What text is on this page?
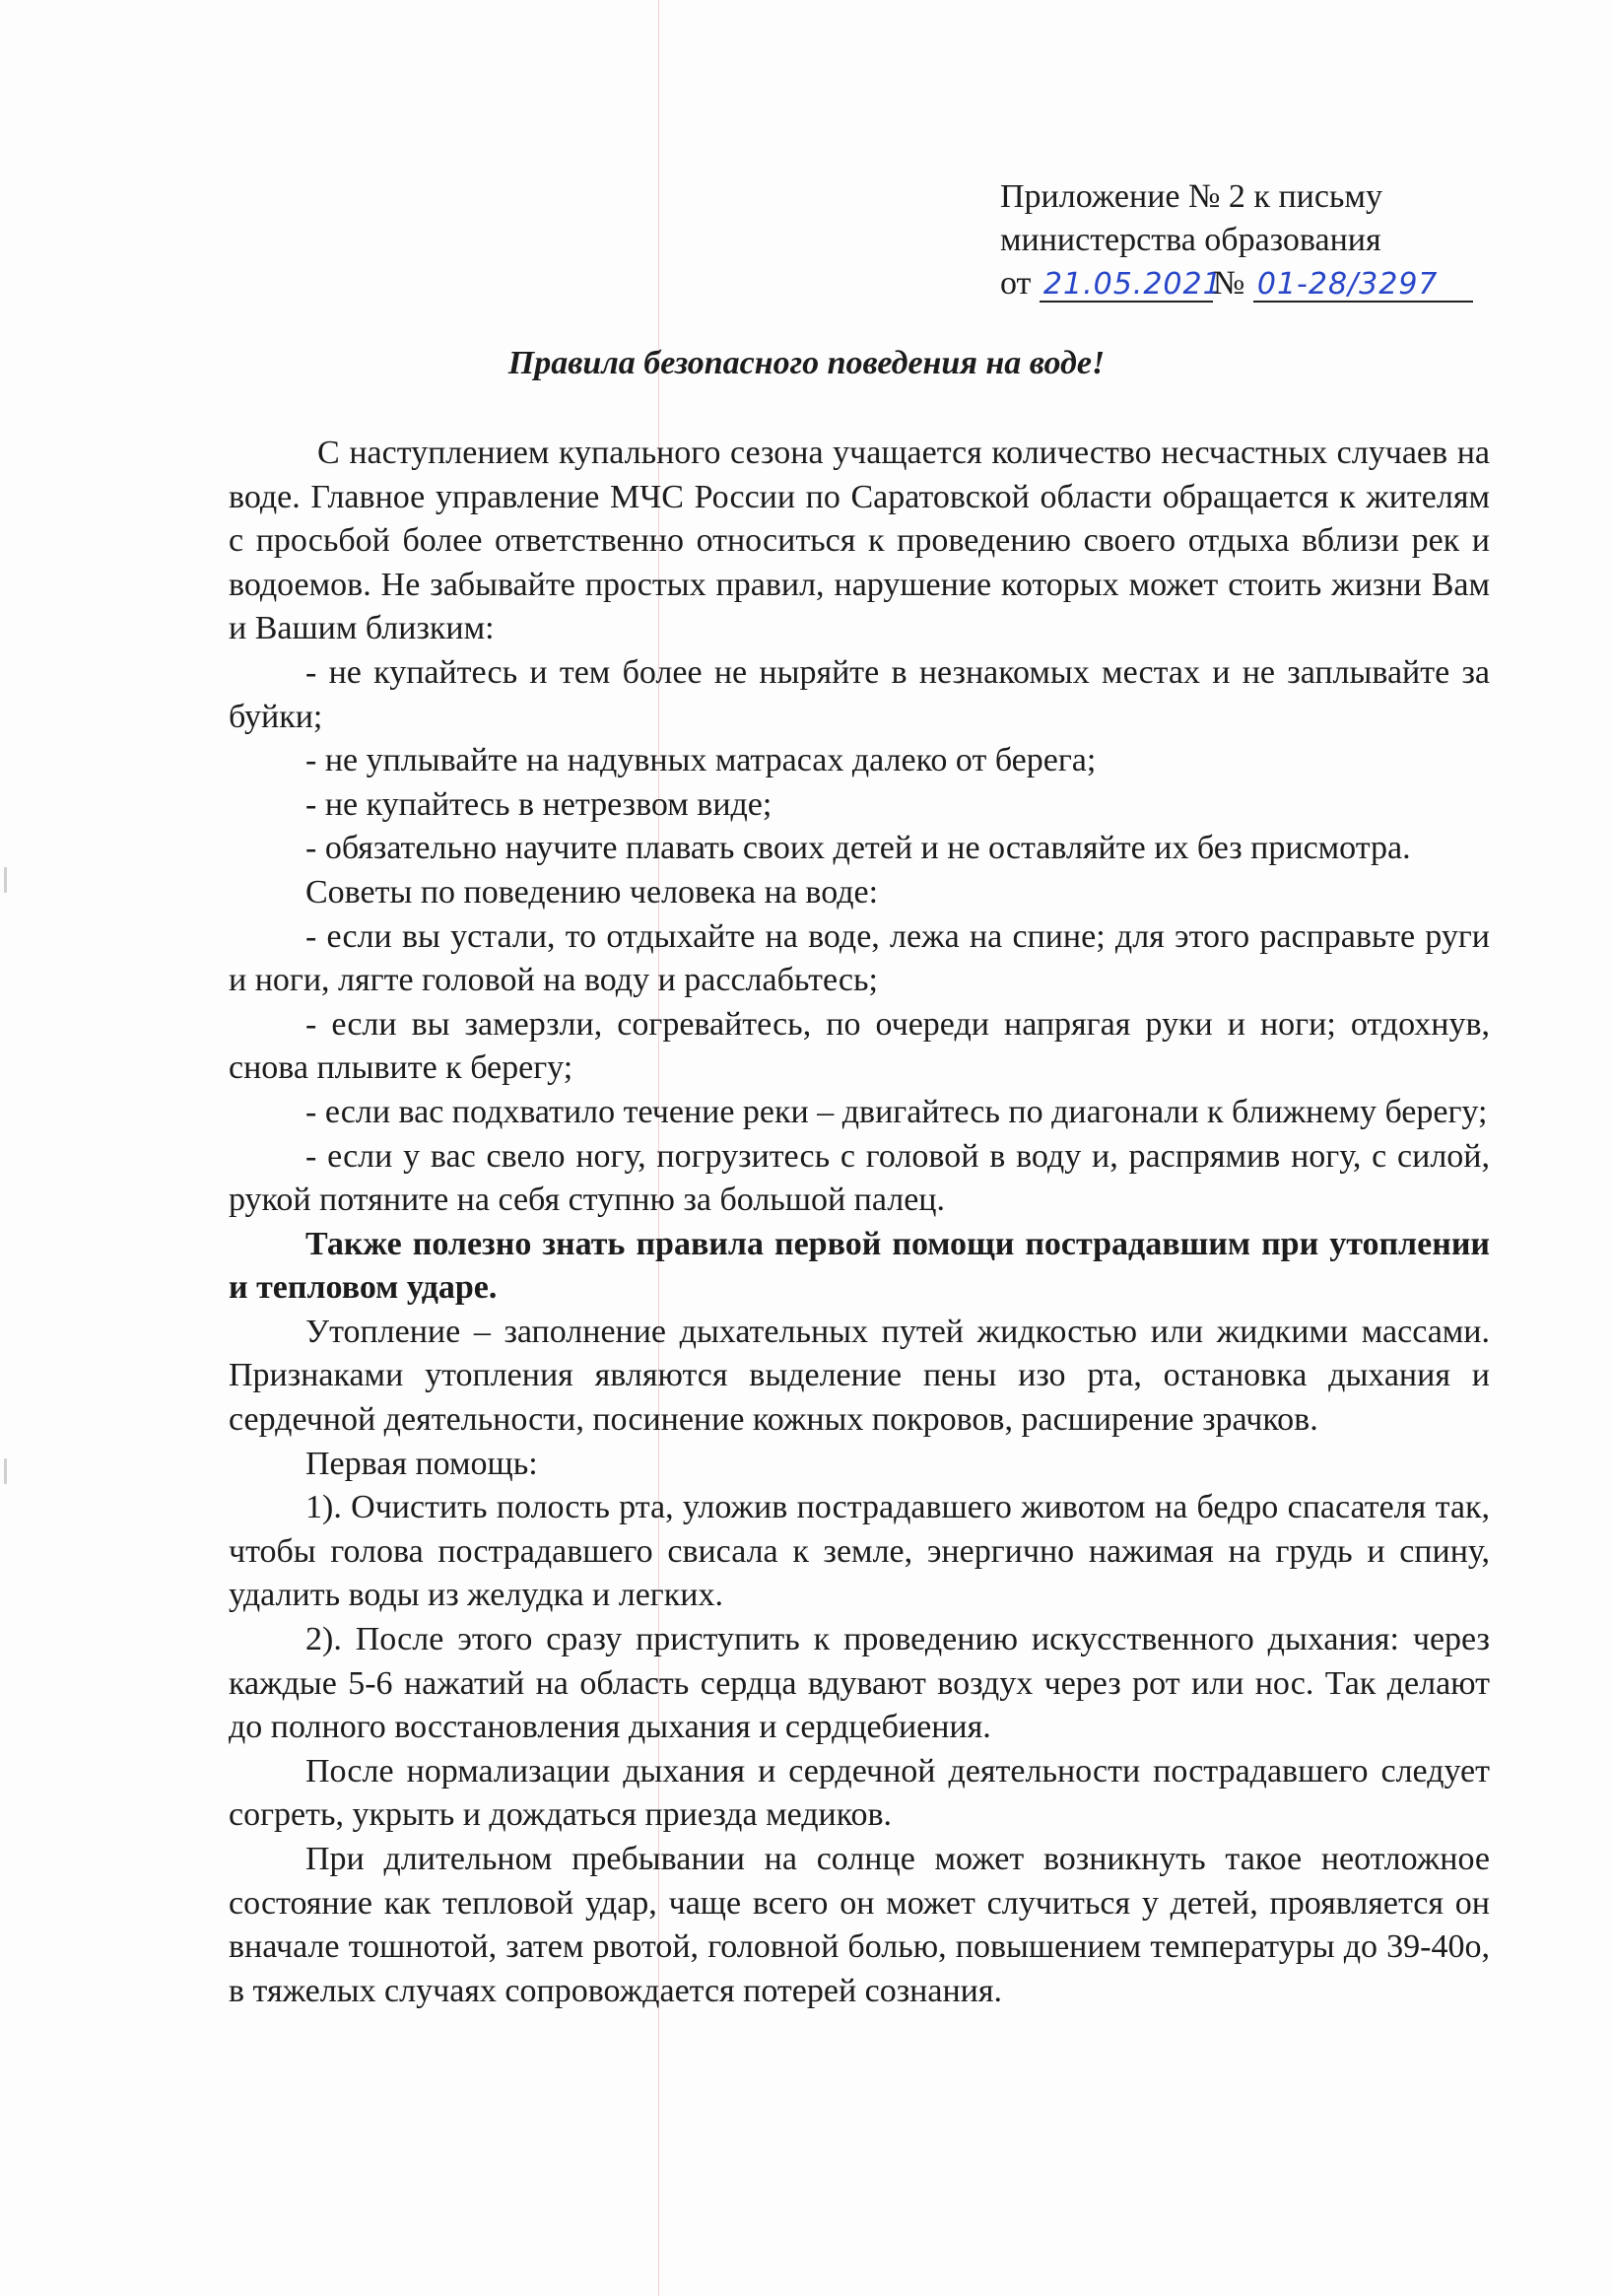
Приложение № 2 к письму
министерства образования
от 21.05.2021№ 01-28/3297
Правила безопасного поведения на воде!

С наступлением купального сезона учащается количество несчастных случаев на воде. Главное управление МЧС России по Саратовской области обращается к жителям с просьбой более ответственно относиться к проведению своего отдыха вблизи рек и водоемов. Не забывайте простых правил, нарушение которых может стоить жизни Вам и Вашим близким:

- не купайтесь и тем более не ныряйте в незнакомых местах и не заплывайте за буйки;

- не уплывайте на надувных матрасах далеко от берега;

- не купайтесь в нетрезвом виде;

- обязательно научите плавать своих детей и не оставляйте их без присмотра.

Советы по поведению человека на воде:

- если вы устали, то отдыхайте на воде, лежа на спине; для этого расправьте руги и ноги, лягте головой на воду и расслабьтесь;

- если вы замерзли, согревайтесь, по очереди напрягая руки и ноги; отдохнув, снова плывите к берегу;

- если вас подхватило течение реки – двигайтесь по диагонали к ближнему берегу;

- если у вас свело ногу, погрузитесь с головой в воду и, распрямив ногу, с силой, рукой потяните на себя ступню за большой палец.

Также полезно знать правила первой помощи пострадавшим при утоплении и тепловом ударе.

Утопление – заполнение дыхательных путей жидкостью или жидкими массами. Признаками утопления являются выделение пены изо рта, остановка дыхания и сердечной деятельности, посинение кожных покровов, расширение зрачков.

Первая помощь:

1). Очистить полость рта, уложив пострадавшего животом на бедро спасателя так, чтобы голова пострадавшего свисала к земле, энергично нажимая на грудь и спину, удалить воды из желудка и легких.

2). После этого сразу приступить к проведению искусственного дыхания: через каждые 5-6 нажатий на область сердца вдувают воздух через рот или нос. Так делают до полного восстановления дыхания и сердцебиения.

После нормализации дыхания и сердечной деятельности пострадавшего следует согреть, укрыть и дождаться приезда медиков.

При длительном пребывании на солнце может возникнуть такое неотложное состояние как тепловой удар, чаще всего он может случиться у детей, проявляется он вначале тошнотой, затем рвотой, головной болью, повышением температуры до 39-40о, в тяжелых случаях сопровождается потерей сознания.
